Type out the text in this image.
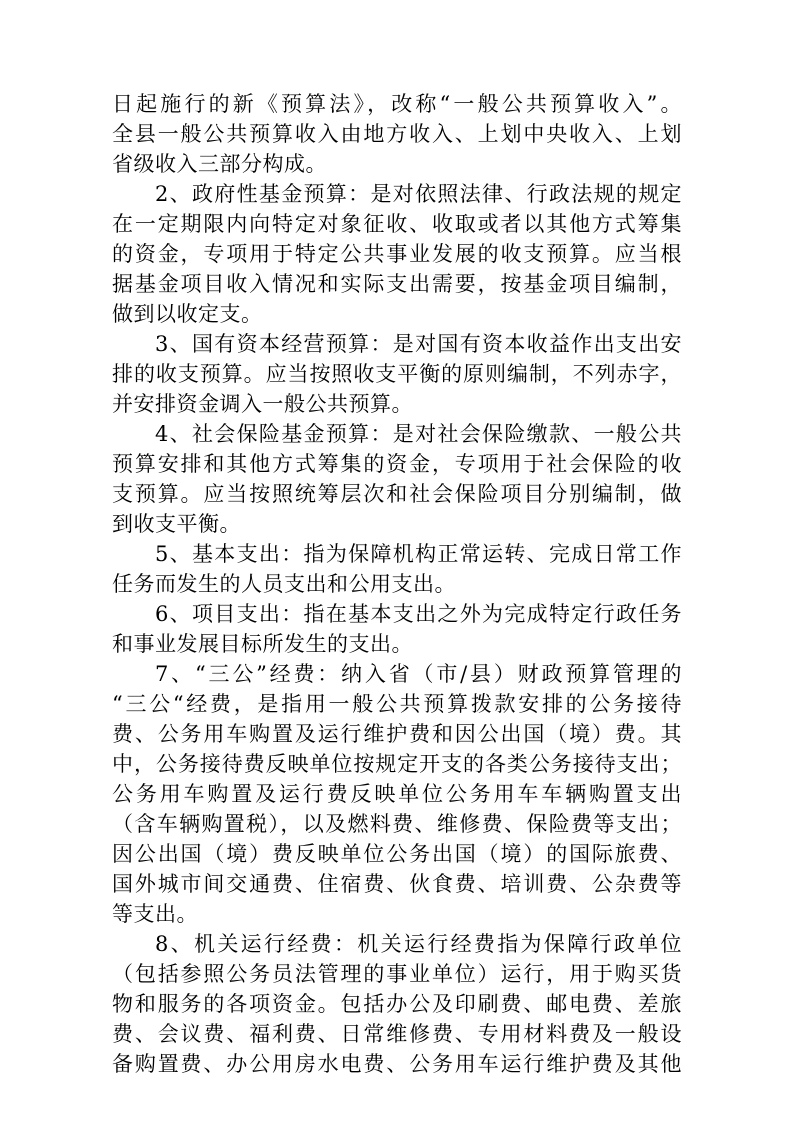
日起施行的新《预算法》，改称“一般公共预算收入”。
全县一般公共预算收入由地方收入、上划中央收入、上划
省级收入三部分构成。
2、政府性基金预算：是对依照法律、行政法规的规定
在一定期限内向特定对象征收、收取或者以其他方式筹集
的资金，专项用于特定公共事业发展的收支预算。应当根
据基金项目收入情况和实际支出需要，按基金项目编制，
做到以收定支。
3、国有资本经营预算：是对国有资本收益作出支出安
排的收支预算。应当按照收支平衡的原则编制，不列赤字，
并安排资金调入一般公共预算。
4、社会保险基金预算：是对社会保险缴款、一般公共
预算安排和其他方式筹集的资金，专项用于社会保险的收
支预算。应当按照统筹层次和社会保险项目分别编制，做
到收支平衡。
5、基本支出：指为保障机构正常运转、完成日常工作
任务而发生的人员支出和公用支出。
6、项目支出：指在基本支出之外为完成特定行政任务
和事业发展目标所发生的支出。
7、“三公”经费：纳入省（市/县）财政预算管理的
“三公“经费，是指用一般公共预算拨款安排的公务接待
费、公务用车购置及运行维护费和因公出国（境）费。其
中，公务接待费反映单位按规定开支的各类公务接待支出；
公务用车购置及运行费反映单位公务用车车辆购置支出
（含车辆购置税），以及燃料费、维修费、保险费等支出；
因公出国（境）费反映单位公务出国（境）的国际旅费、
国外城市间交通费、住宿费、伙食费、培训费、公杂费等
等支出。
8、机关运行经费：机关运行经费指为保障行政单位
（包括参照公务员法管理的事业单位）运行，用于购买货
物和服务的各项资金。包括办公及印刷费、邮电费、差旅
费、会议费、福利费、日常维修费、专用材料费及一般设
备购置费、办公用房水电费、公务用车运行维护费及其他
